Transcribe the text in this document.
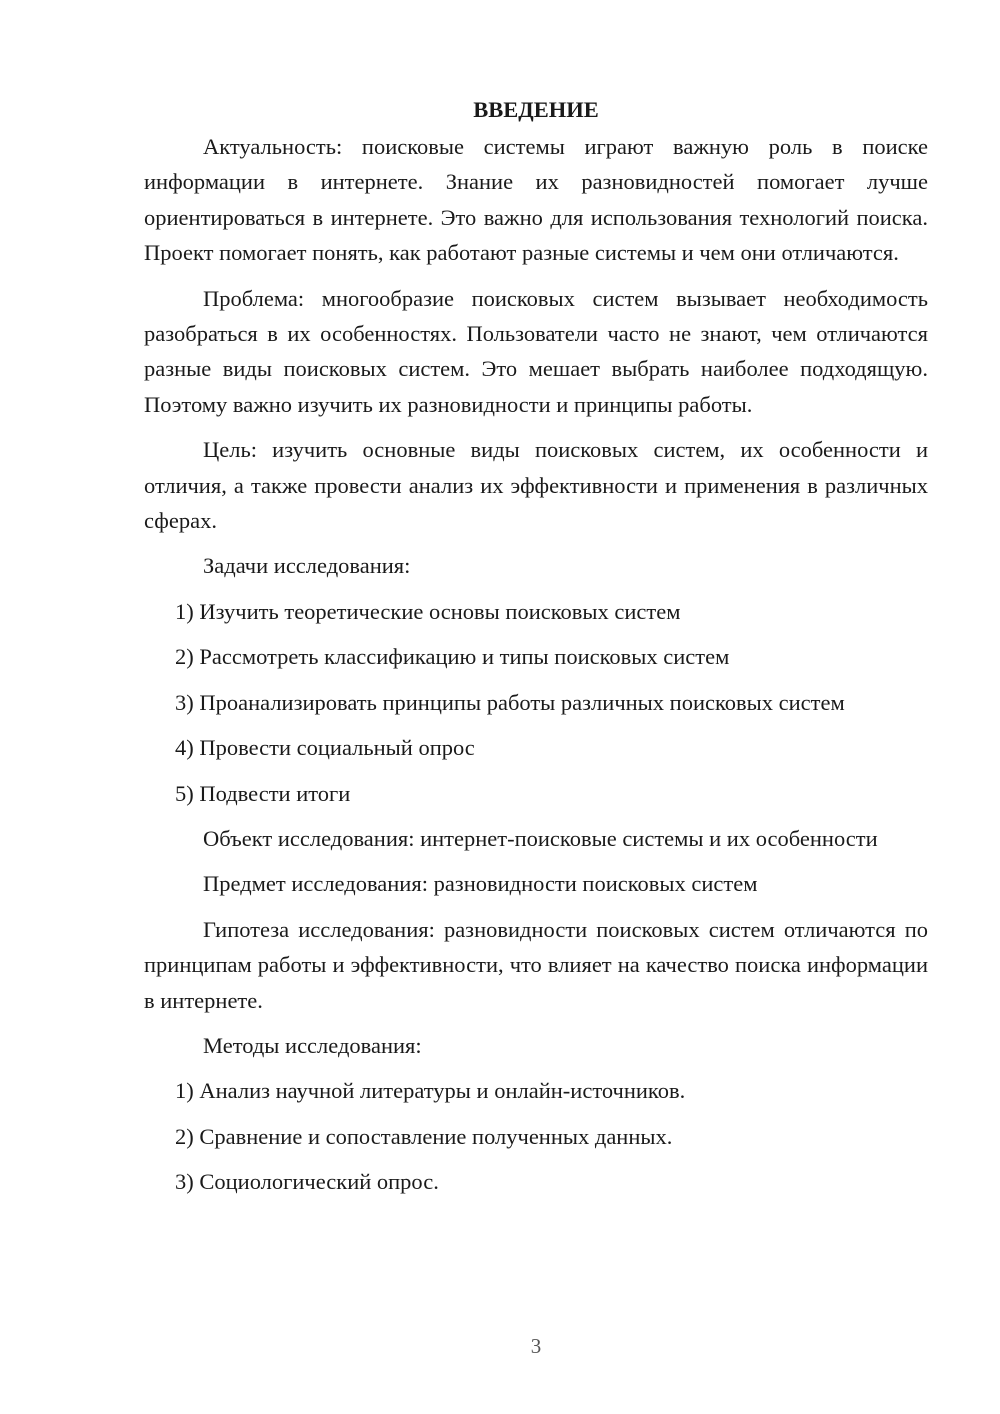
ВВЕДЕНИЕ

Актуальность: поисковые системы играют важную роль в поиске информации в интернете. Знание их разновидностей помогает лучше ориентироваться в интернете. Это важно для использования технологий поиска. Проект помогает понять, как работают разные системы и чем они отличаются.

Проблема: многообразие поисковых систем вызывает необходимость разобраться в их особенностях. Пользователи часто не знают, чем отличаются разные виды поисковых систем. Это мешает выбрать наиболее подходящую. Поэтому важно изучить их разновидности и принципы работы.

Цель: изучить основные виды поисковых систем, их особенности и отличия, а также провести анализ их эффективности и применения в различных сферах.

Задачи исследования:
1) Изучить теоретические основы поисковых систем
2) Рассмотреть классификацию и типы поисковых систем
3) Проанализировать принципы работы различных поисковых систем
4) Провести социальный опрос
5) Подвести итоги

Объект исследования: интернет-поисковые системы и их особенности

Предмет исследования: разновидности поисковых систем

Гипотеза исследования: разновидности поисковых систем отличаются по принципам работы и эффективности, что влияет на качество поиска информации в интернете.

Методы исследования:
1) Анализ научной литературы и онлайн-источников.
2) Сравнение и сопоставление полученных данных.
3) Социологический опрос.
3
